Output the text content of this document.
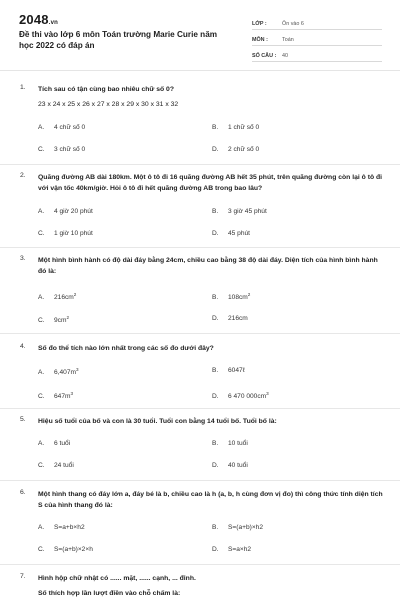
2048.vn
Đề thi vào lớp 6 môn Toán trường Marie Curie năm học 2022 có đáp án
LỚP :	Ôn vào 6
MÔN :	Toán
SỐ CÂU :	40
1. Tích sau có tận cùng bao nhiêu chữ số 0?
23 x 24 x 25 x 26 x 27 x 28 x 29 x 30 x 31 x 32
A. 4 chữ số 0	B. 1 chữ số 0
C. 3 chữ số 0	D. 2 chữ số 0
2. Quãng đường AB dài 180km. Một ô tô đi 16 quãng đường AB hết 35 phút, trên quãng đường còn lại ô tô đi với vận tốc 40km/giờ. Hỏi ô tô đi hết quãng đường AB trong bao lâu?
A. 4 giờ 20 phút	B. 3 giờ 45 phút
C. 1 giờ 10 phút	D. 45 phút
3. Một hình bình hành có độ dài đáy bằng 24cm, chiều cao bằng 38 độ dài đáy. Diện tích của hình bình hành đó là:
A. $216cm^2$	B. $108cm^2$
C. $9cm^2$	D. 216cm
4. Số đo thể tích nào lớn nhất trong các số đo dưới đây?
A. $6,407m^3$	B. 6047ℓ
C. $647m^3$	D. 6 470 $000cm^3$
5. Hiệu số tuổi của bố và con là 30 tuổi. Tuổi con bằng 14 tuổi bố. Tuổi bố là:
A. 6 tuổi	B. 10 tuổi
C. 24 tuổi	D. 40 tuổi
6. Một hình thang có đáy lớn a, đáy bé là b, chiều cao là h (a, b, h cùng đơn vị đo) thì công thức tính diện tích S của hình thang đó là:
A. S=a+b×h2	B. S=(a+b)×h2
C. S=(a+b)×2×h	D. S=a×h2
7. Hình hộp chữ nhật có ...... mặt, ...... cạnh, ... đỉnh.
Số thích hợp lần lượt điền vào chỗ chấm là:
